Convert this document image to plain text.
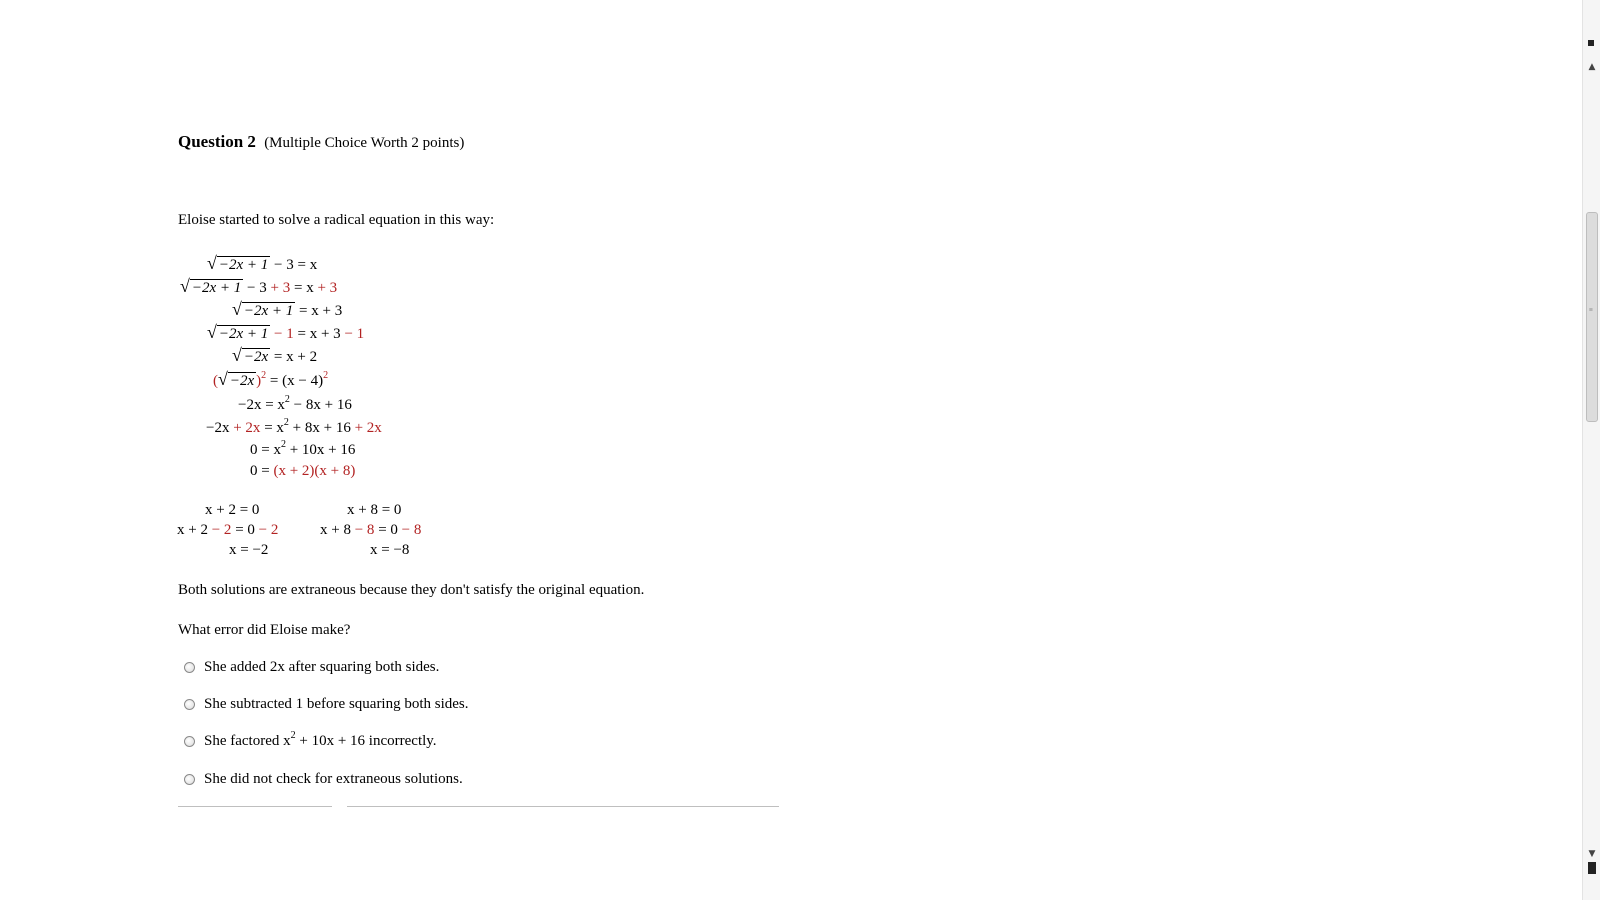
Question 2 (Multiple Choice Worth 2 points)
Eloise started to solve a radical equation in this way:
√ −2x + 1 − 3 = x
√ −2x + 1 − 3 + 3 = x + 3
√ −2x + 1 = x + 3
√ −2x + 1 − 1 = x + 3 − 1
√ −2x = x + 2
(√ −2x )$^2 = (x - 4)^2$
$-2x = x^2 - 8x + 16$
$-2x + 2x = x^2 + 8x + 16 + 2x$
$0 = x^2 + 10x + 16$
0 = (x + 2)(x + 8)
x + 2 = 0
x + 2 − 2 = 0 − 2
x = −2
x + 8 = 0
x + 8 − 8 = 0 − 8
x = −8
Both solutions are extraneous because they don't satisfy the original equation.
What error did Eloise make?
She added 2x after squaring both sides.
She subtracted 1 before squaring both sides.
She factored $x^2 + 10x + 16$ incorrectly.
She did not check for extraneous solutions.
▲
≡
▼
